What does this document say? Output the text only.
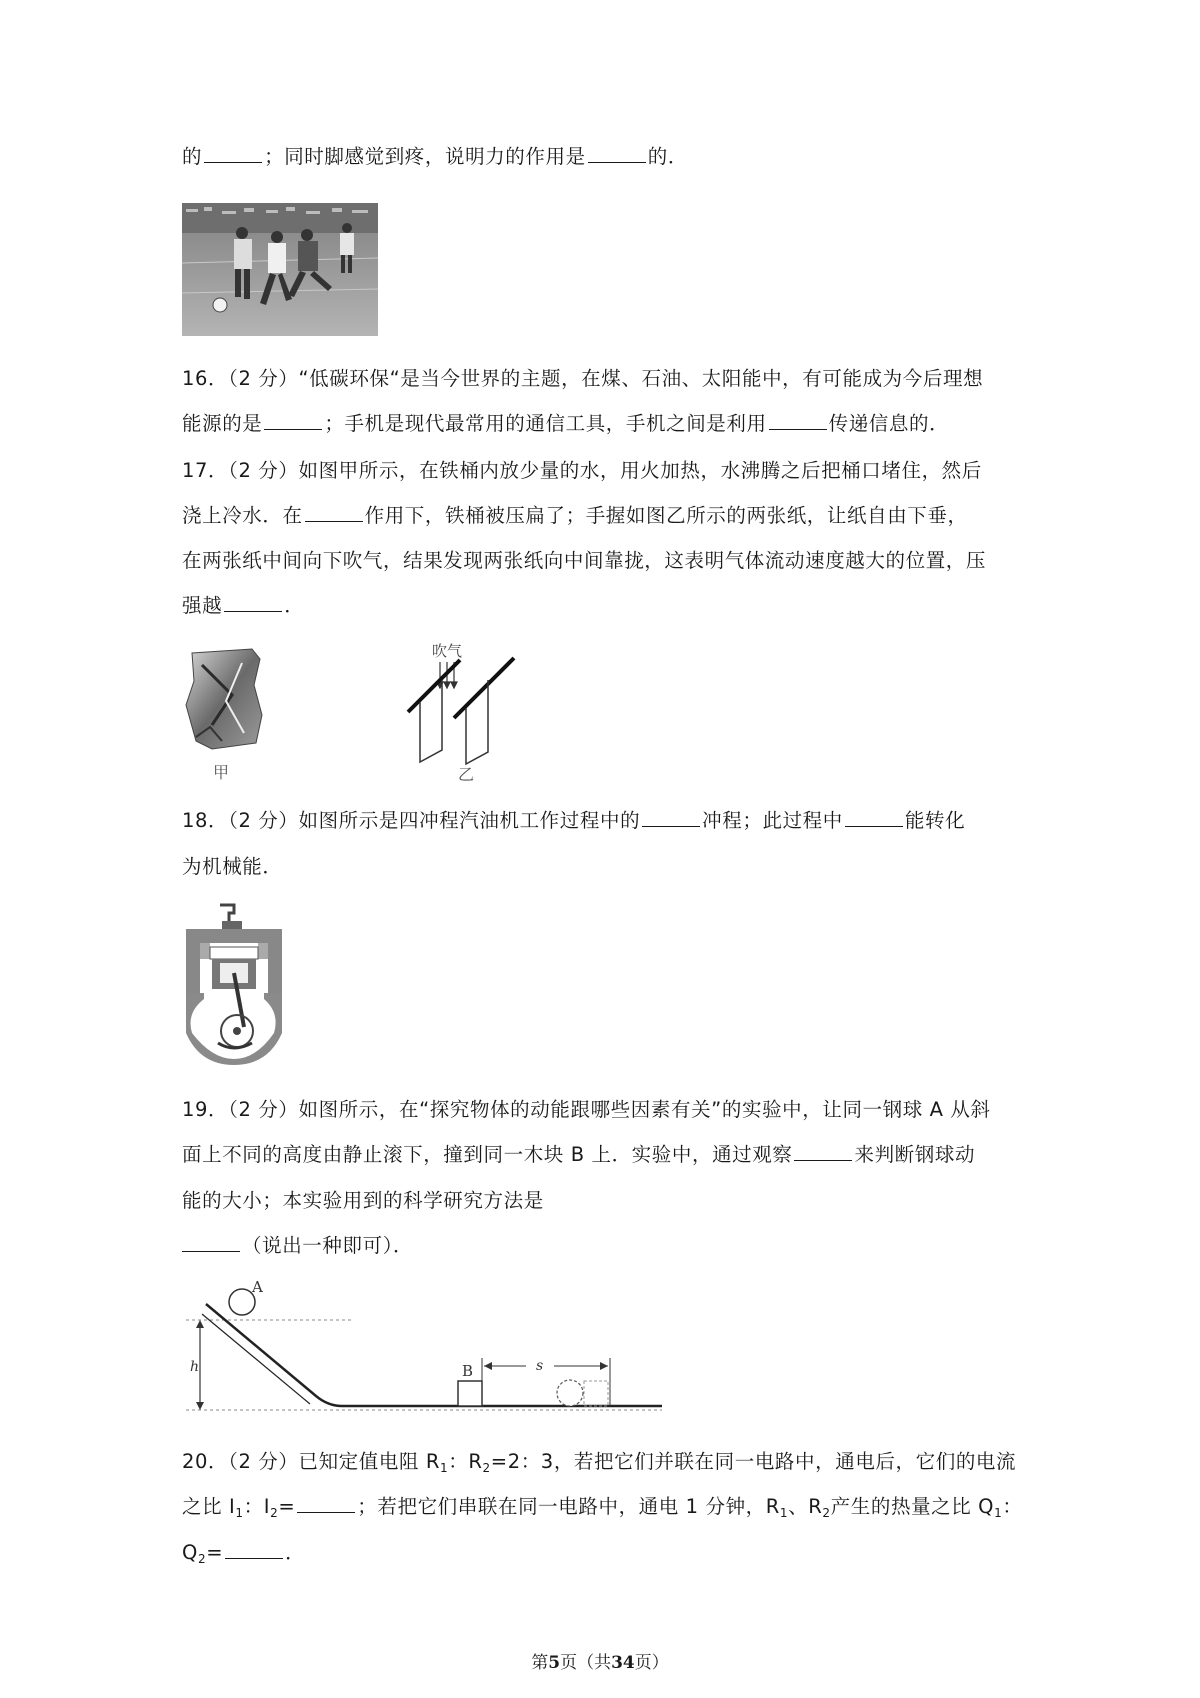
的	；同时脚感觉到疼，说明力的作用是	的．
16．（2 分）“低碳环保“是当今世界的主题，在煤、石油、太阳能中，有可能成为今后理想
能源的是	；手机是现代最常用的通信工具，手机之间是利用	传递信息的．
17．（2 分）如图甲所示，在铁桶内放少量的水，用火加热，水沸腾之后把桶口堵住，然后
浇上冷水．在	作用下，铁桶被压扁了；手握如图乙所示的两张纸，让纸自由下垂，
在两张纸中间向下吹气，结果发现两张纸向中间靠拢，这表明气体流动速度越大的位置，压
强越	．
甲
吹气
乙
18．（2 分）如图所示是四冲程汽油机工作过程中的	冲程；此过程中	能转化
为机械能．
19．（2 分）如图所示，在“探究物体的动能跟哪些因素有关”的实验中，让同一钢球 A 从斜
面上不同的高度由静止滚下，撞到同一木块 B 上．实验中，通过观察	来判断钢球动
能的大小；本实验用到的科学研究方法是
（说出一种即可）．
h
A
B	s
20．（2 分）已知定值电阻 $R_1$：$R_2=2$：3，若把它们并联在同一电路中，通电后，它们的电流
之比 $I_1$：$I_2=$	；若把它们串联在同一电路中，通电 1 分钟，$R_1$、$R_2$产生的热量之比 $Q_1$：
$Q_2=$	．
第5页（共34页）
